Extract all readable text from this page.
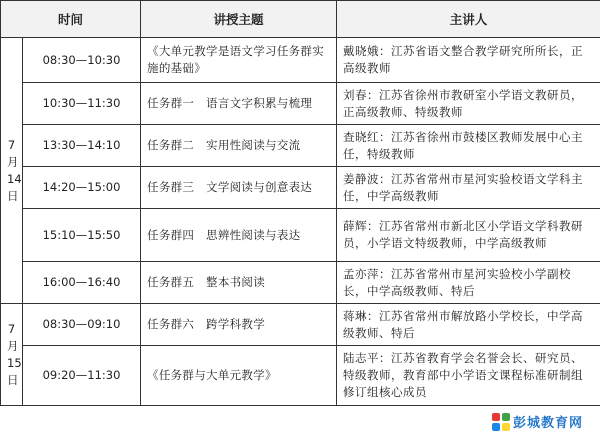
时间		讲授主题	主讲人

7
月
14
日	08:30—10:30	《大单元教学是语文学习任务群实施的基础》	戴晓娥：江苏省语文整合教学研究所所长，正高级教师
	10:30—11:30	任务群一　语言文字积累与梳理	刘春：江苏省徐州市教研室小学语文教研员，正高级教师、特级教师
	13:30—14:10	任务群二　实用性阅读与交流	查晓红：江苏省徐州市鼓楼区教师发展中心主任，特级教师
	14:20—15:00	任务群三　文学阅读与创意表达	姜静波：江苏省常州市星河实验校语文学科主任，中学高级教师
	15:10—15:50	任务群四　思辨性阅读与表达	薛辉：江苏省常州市新北区小学语文学科教研员，小学语文特级教师，中学高级教师
	16:00—16:40	任务群五　整本书阅读	孟亦萍：江苏省常州市星河实验校小学副校长，中学高级教师、特后

7
月
15
日	08:30—09:10	任务群六　跨学科教学	蒋琳：江苏省常州市解放路小学校长，中学高级教师、特后
	09:20—11:30	《任务群与大单元教学》	陆志平：江苏省教育学会名誉会长、研究员、特级教师，教育部中小学语文课程标准研制组修订组核心成员
彭城教育网
